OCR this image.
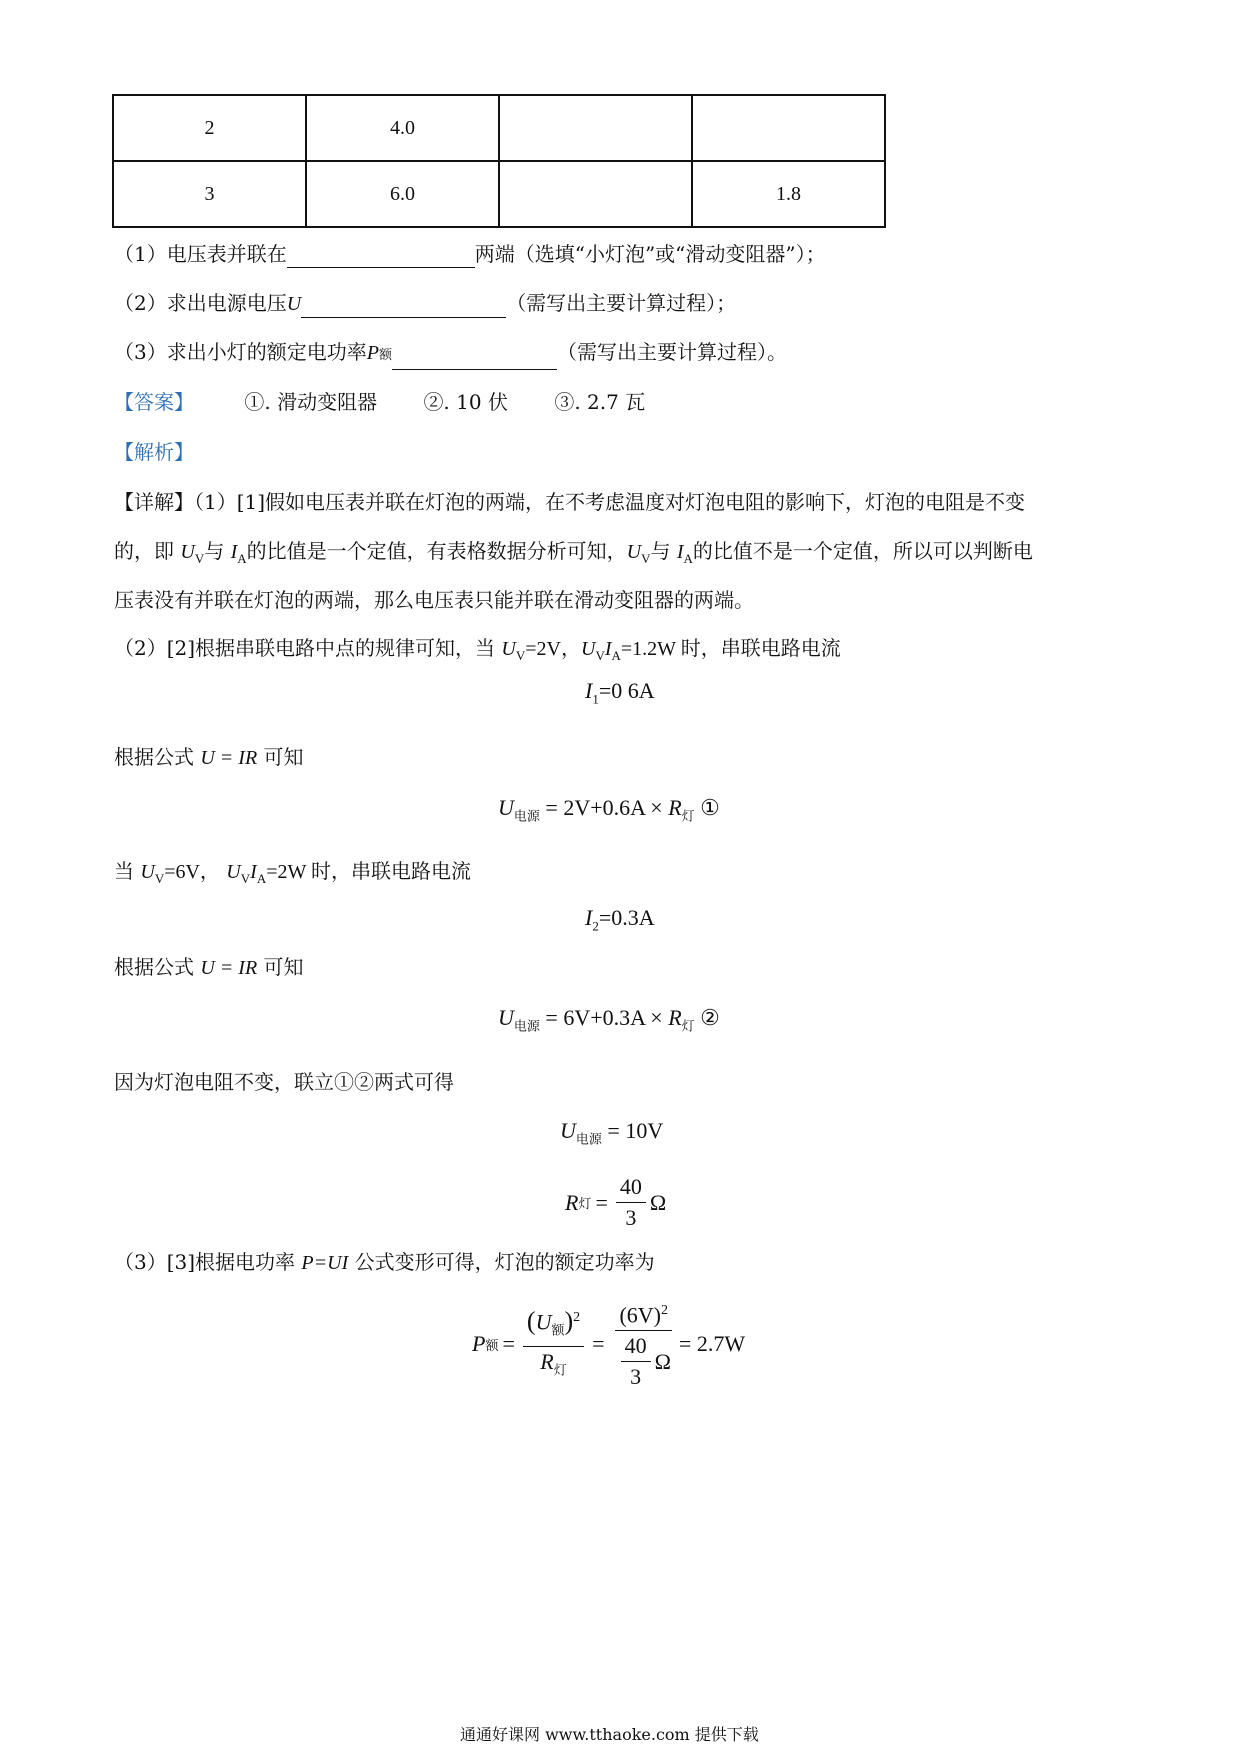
2	4.0		
3	6.0		1.8
（1）电压表并联在	两端（选填“小灯泡”或“滑动变阻器”）；
（2）求出电源电压U	（需写出主要计算过程）；
（3）求出小灯的额定电功率P额	（需写出主要计算过程）。
【答案】	①. 滑动变阻器 ②. 10 伏 ③. 2.7 瓦
【解析】
【详解】（1）[1]假如电压表并联在灯泡的两端，在不考虑温度对灯泡电阻的影响下，灯泡的电阻是不变
的，即 $U_V$与 $I_A$的比值是一个定值，有表格数据分析可知，$U_V$与 $I_A$的比值不是一个定值，所以可以判断电
压表没有并联在灯泡的两端，那么电压表只能并联在滑动变阻器的两端。
（2）[2]根据串联电路中点的规律可知，当 $U_V=2V$，$U_VI_A=1.2W$ 时，串联电路电流
$I_1=0$ 6A
根据公式 U = IR 可知
$U_{电源} = 2V+0.6A \times R_灯$ ①
当 $U_V=6V$， $U_VI_A=2W$ 时，串联电路电流
$I_2=0.3A$
根据公式 U = IR 可知
$U_{电源} = 6V+0.3A \times R_灯$ ②
因为灯泡电阻不变，联立①②两式可得
$U_{电源} = 10V$
R 灯 = $\frac{40}{3}$ Ω
（3）[3]根据电功率 P=UI 公式变形可得，灯泡的额定功率为
P 额 = $\frac{(U_额)^2}{R_灯} = \frac{(6V)^2}{\frac{40}{3} \Omega} = 2.7W$
通通好课网 www.tthaoke.com 提供下载
